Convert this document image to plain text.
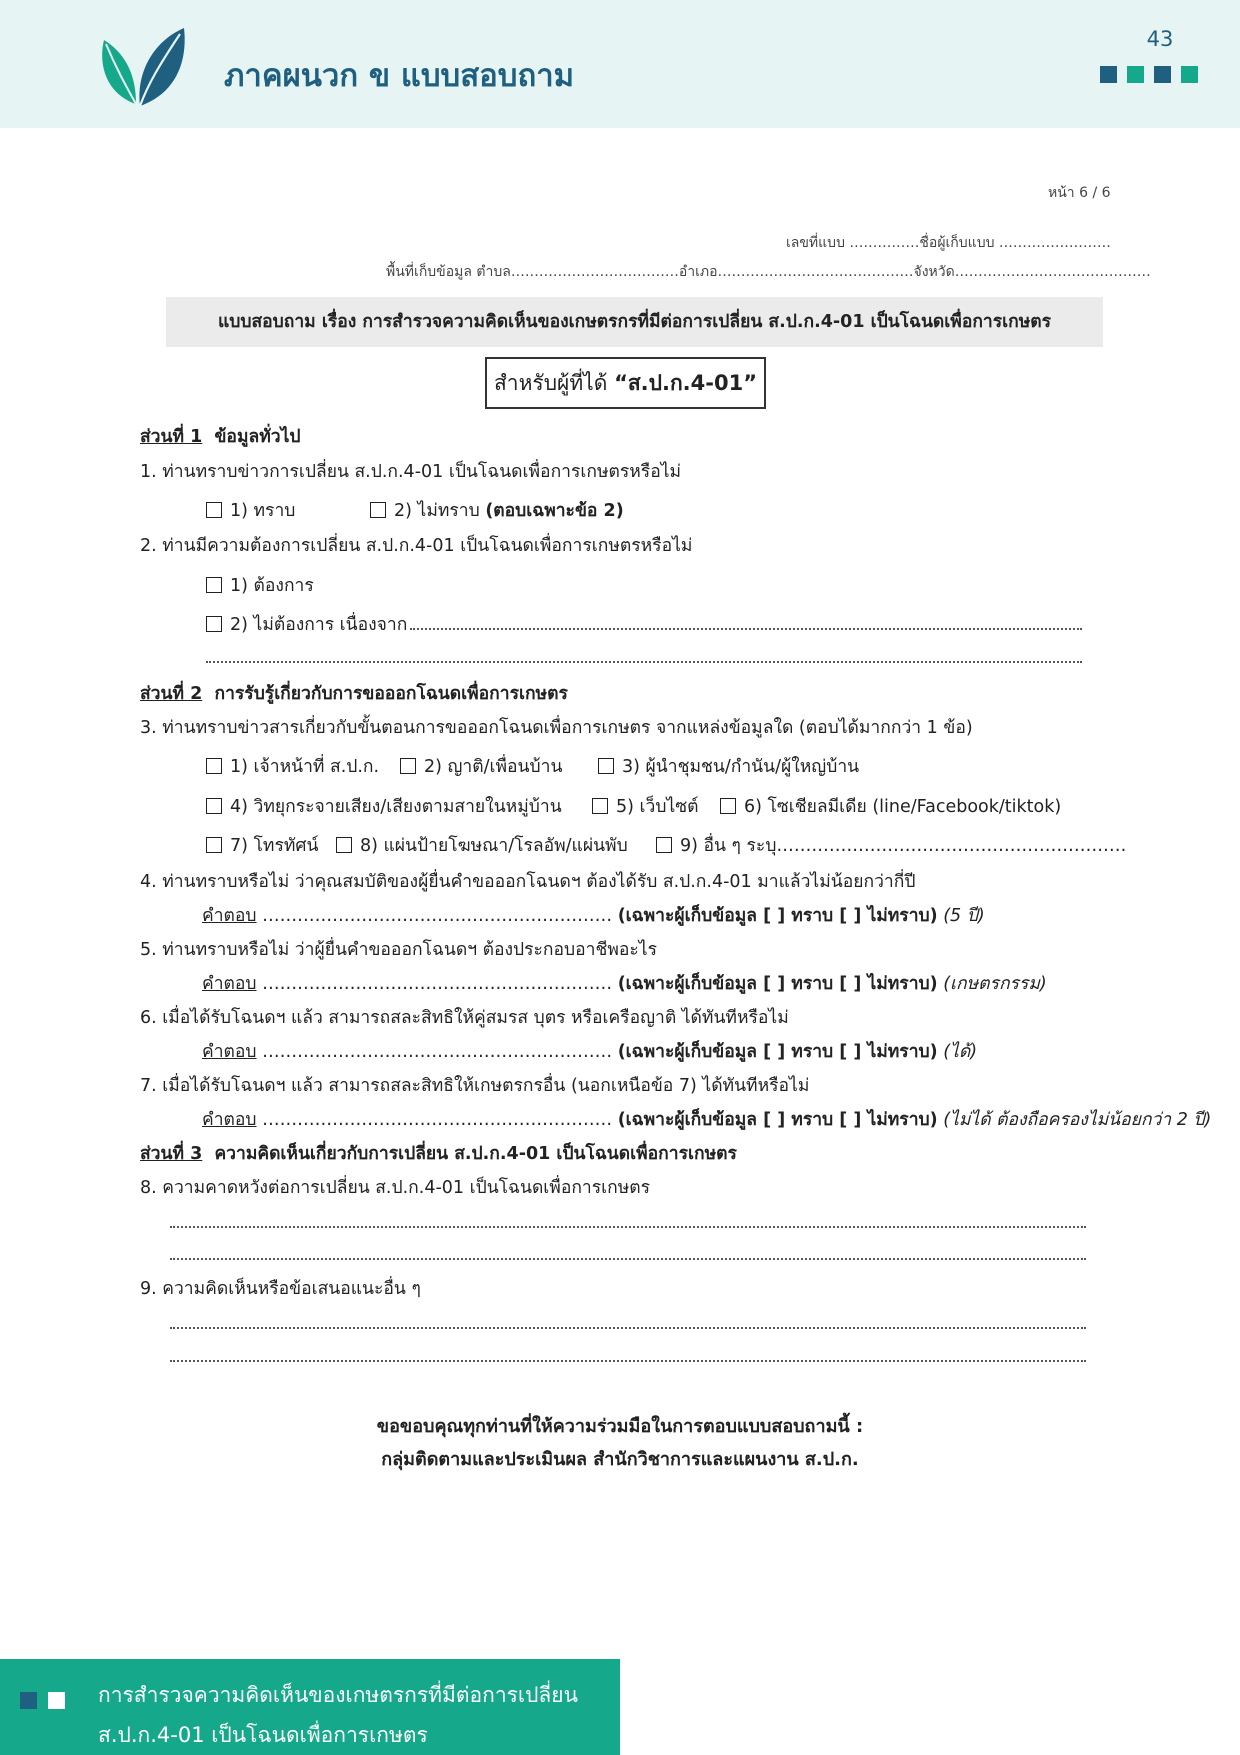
ภาคผนวก ข แบบสอบถาม
43
หน้า 6 / 6
เลขที่แบบ ……………ชื่อผู้เก็บแบบ ……………………
พื้นที่เก็บข้อมูล ตำบล………………………………อำเภอ……………………………………จังหวัด……………………………………
แบบสอบถาม เรื่อง การสำรวจความคิดเห็นของเกษตรกรที่มีต่อการเปลี่ยน ส.ป.ก.4-01 เป็นโฉนดเพื่อการเกษตร
สำหรับผู้ที่ได้ “ส.ป.ก.4-01”
ส่วนที่ 1 ข้อมูลทั่วไป
1. ท่านทราบข่าวการเปลี่ยน ส.ป.ก.4-01 เป็นโฉนดเพื่อการเกษตรหรือไม่
1) ทราบ	2) ไม่ทราบ (ตอบเฉพาะข้อ 2)
2. ท่านมีความต้องการเปลี่ยน ส.ป.ก.4-01 เป็นโฉนดเพื่อการเกษตรหรือไม่
1) ต้องการ
2) ไม่ต้องการ เนื่องจาก
ส่วนที่ 2 การรับรู้เกี่ยวกับการขอออกโฉนดเพื่อการเกษตร
3. ท่านทราบข่าวสารเกี่ยวกับขั้นตอนการขอออกโฉนดเพื่อการเกษตร จากแหล่งข้อมูลใด (ตอบได้มากกว่า 1 ข้อ)
1) เจ้าหน้าที่ ส.ป.ก.	2) ญาติ/เพื่อนบ้าน	3) ผู้นำชุมชน/กำนัน/ผู้ใหญ่บ้าน
4) วิทยุกระจายเสียง/เสียงตามสายในหมู่บ้าน	5) เว็บไซต์	6) โซเชียลมีเดีย (line/Facebook/tiktok)
7) โทรทัศน์	8) แผ่นป้ายโฆษณา/โรลอัพ/แผ่นพับ	9) อื่น ๆ ระบุ……………………………………………………
4. ท่านทราบหรือไม่ ว่าคุณสมบัติของผู้ยื่นคำขอออกโฉนดฯ ต้องได้รับ ส.ป.ก.4-01 มาแล้วไม่น้อยกว่ากี่ปี
คำตอบ …………………………………………………… (เฉพาะผู้เก็บข้อมูล [ ] ทราบ [ ] ไม่ทราบ) (5 ปี)
5. ท่านทราบหรือไม่ ว่าผู้ยื่นคำขอออกโฉนดฯ ต้องประกอบอาชีพอะไร
คำตอบ …………………………………………………… (เฉพาะผู้เก็บข้อมูล [ ] ทราบ [ ] ไม่ทราบ) (เกษตรกรรม)
6. เมื่อได้รับโฉนดฯ แล้ว สามารถสละสิทธิให้คู่สมรส บุตร หรือเครือญาติ ได้ทันทีหรือไม่
คำตอบ …………………………………………………… (เฉพาะผู้เก็บข้อมูล [ ] ทราบ [ ] ไม่ทราบ) (ได้)
7. เมื่อได้รับโฉนดฯ แล้ว สามารถสละสิทธิให้เกษตรกรอื่น (นอกเหนือข้อ 7) ได้ทันทีหรือไม่
คำตอบ …………………………………………………… (เฉพาะผู้เก็บข้อมูล [ ] ทราบ [ ] ไม่ทราบ) (ไม่ได้ ต้องถือครองไม่น้อยกว่า 2 ปี)
ส่วนที่ 3 ความคิดเห็นเกี่ยวกับการเปลี่ยน ส.ป.ก.4-01 เป็นโฉนดเพื่อการเกษตร
8. ความคาดหวังต่อการเปลี่ยน ส.ป.ก.4-01 เป็นโฉนดเพื่อการเกษตร
9. ความคิดเห็นหรือข้อเสนอแนะอื่น ๆ
ขอขอบคุณทุกท่านที่ให้ความร่วมมือในการตอบแบบสอบถามนี้ :
กลุ่มติดตามและประเมินผล สำนักวิชาการและแผนงาน ส.ป.ก.
การสำรวจความคิดเห็นของเกษตรกรที่มีต่อการเปลี่ยน
ส.ป.ก.4-01 เป็นโฉนดเพื่อการเกษตร
